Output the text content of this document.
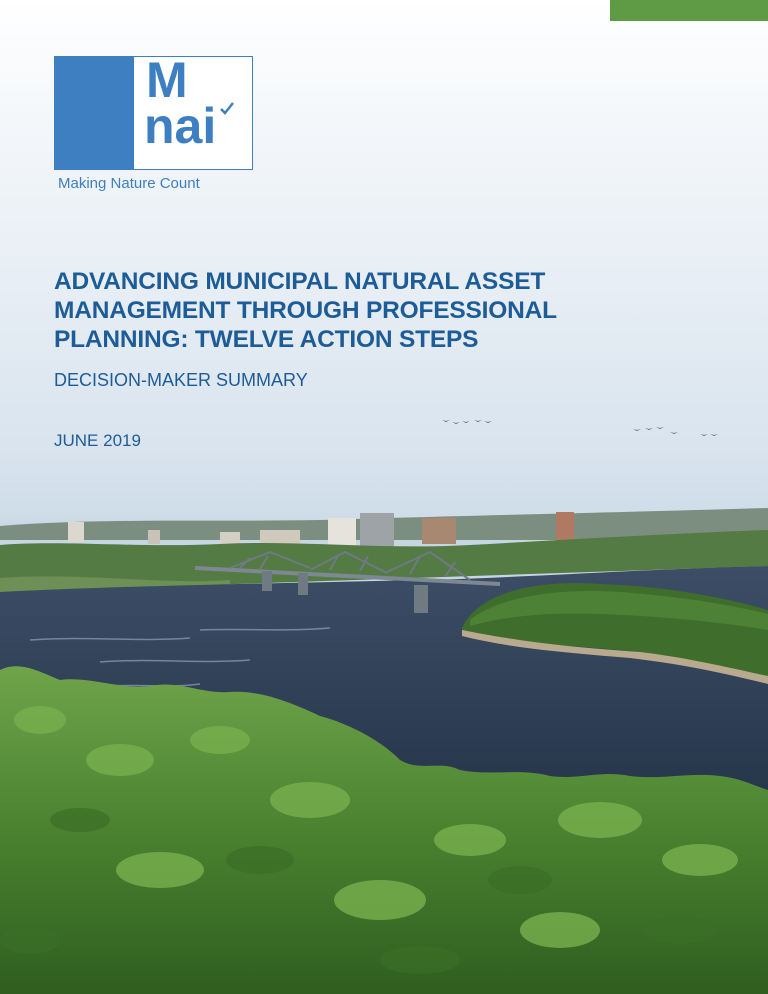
M
nai
Making Nature Count
ADVANCING MUNICIPAL NATURAL ASSET
MANAGEMENT THROUGH PROFESSIONAL
PLANNING: TWELVE ACTION STEPS
DECISION-MAKER SUMMARY
JUNE 2019
